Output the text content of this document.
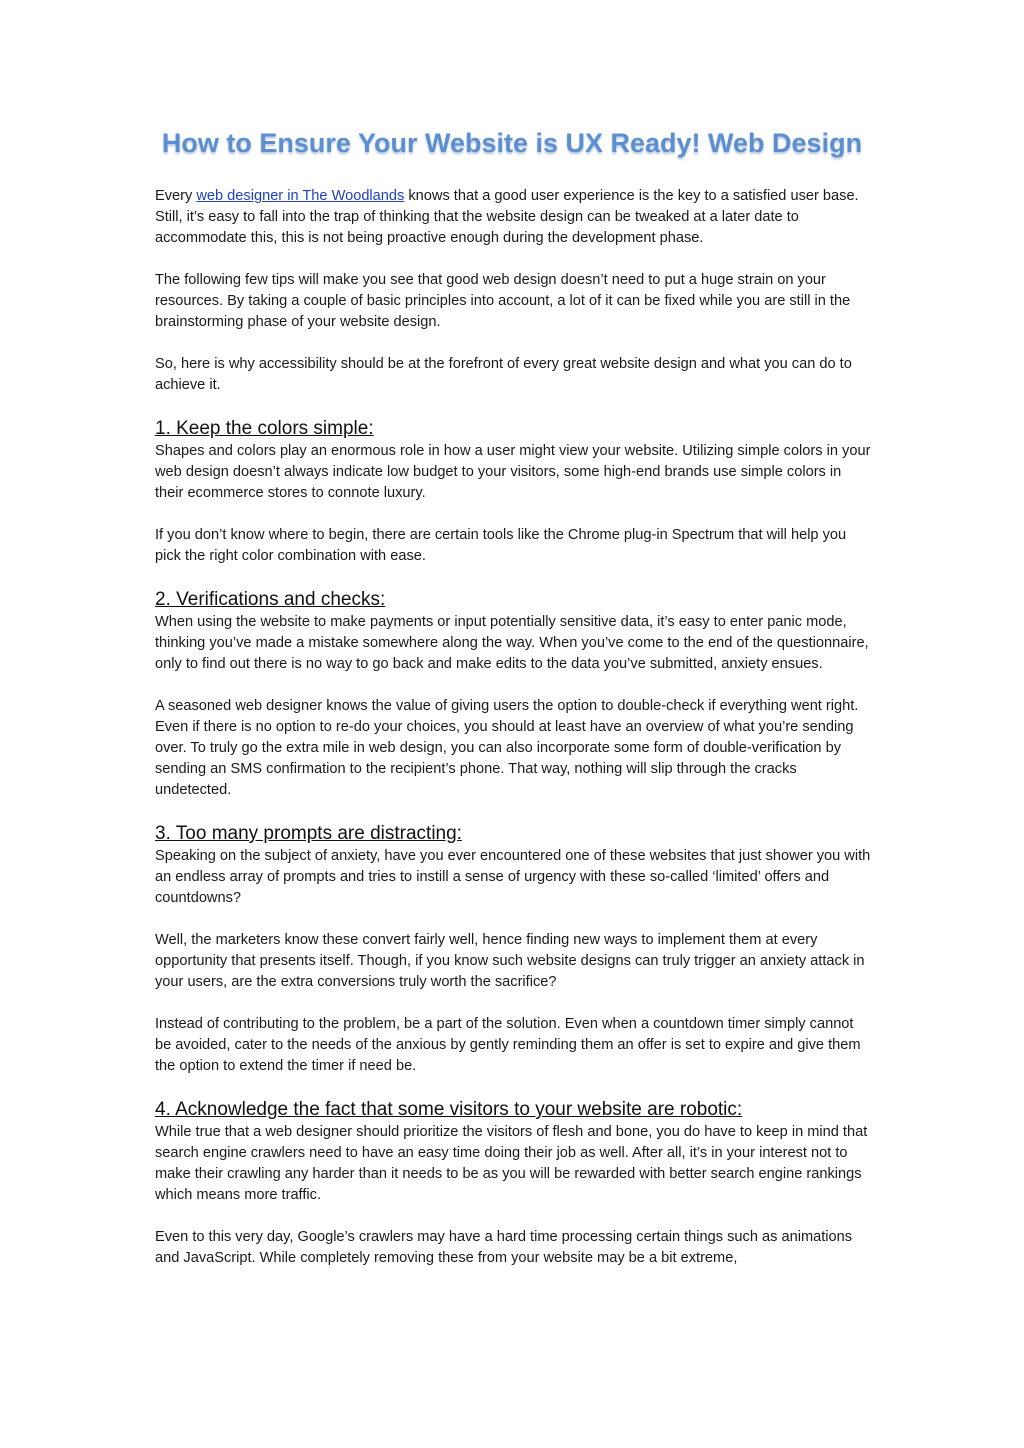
How to Ensure Your Website is UX Ready! Web Design

Every web designer in The Woodlands knows that a good user experience is the key to a satisfied user base. Still, it’s easy to fall into the trap of thinking that the website design can be tweaked at a later date to accommodate this, this is not being proactive enough during the development phase.

The following few tips will make you see that good web design doesn’t need to put a huge strain on your resources. By taking a couple of basic principles into account, a lot of it can be fixed while you are still in the brainstorming phase of your website design.

So, here is why accessibility should be at the forefront of every great website design and what you can do to achieve it.

1. Keep the colors simple:

Shapes and colors play an enormous role in how a user might view your website. Utilizing simple colors in your web design doesn’t always indicate low budget to your visitors, some high-end brands use simple colors in their ecommerce stores to connote luxury.

If you don’t know where to begin, there are certain tools like the Chrome plug-in Spectrum that will help you pick the right color combination with ease.

2. Verifications and checks:

When using the website to make payments or input potentially sensitive data, it’s easy to enter panic mode, thinking you’ve made a mistake somewhere along the way. When you’ve come to the end of the questionnaire, only to find out there is no way to go back and make edits to the data you’ve submitted, anxiety ensues.

A seasoned web designer knows the value of giving users the option to double-check if everything went right. Even if there is no option to re-do your choices, you should at least have an overview of what you’re sending over. To truly go the extra mile in web design, you can also incorporate some form of double-verification by sending an SMS confirmation to the recipient’s phone. That way, nothing will slip through the cracks undetected.

3. Too many prompts are distracting:

Speaking on the subject of anxiety, have you ever encountered one of these websites that just shower you with an endless array of prompts and tries to instill a sense of urgency with these so-called ‘limited’ offers and countdowns?

Well, the marketers know these convert fairly well, hence finding new ways to implement them at every opportunity that presents itself. Though, if you know such website designs can truly trigger an anxiety attack in your users, are the extra conversions truly worth the sacrifice?

Instead of contributing to the problem, be a part of the solution. Even when a countdown timer simply cannot be avoided, cater to the needs of the anxious by gently reminding them an offer is set to expire and give them the option to extend the timer if need be.

4. Acknowledge the fact that some visitors to your website are robotic:

While true that a web designer should prioritize the visitors of flesh and bone, you do have to keep in mind that search engine crawlers need to have an easy time doing their job as well. After all, it’s in your interest not to make their crawling any harder than it needs to be as you will be rewarded with better search engine rankings which means more traffic.

Even to this very day, Google’s crawlers may have a hard time processing certain things such as animations and JavaScript. While completely removing these from your website may be a bit extreme,
